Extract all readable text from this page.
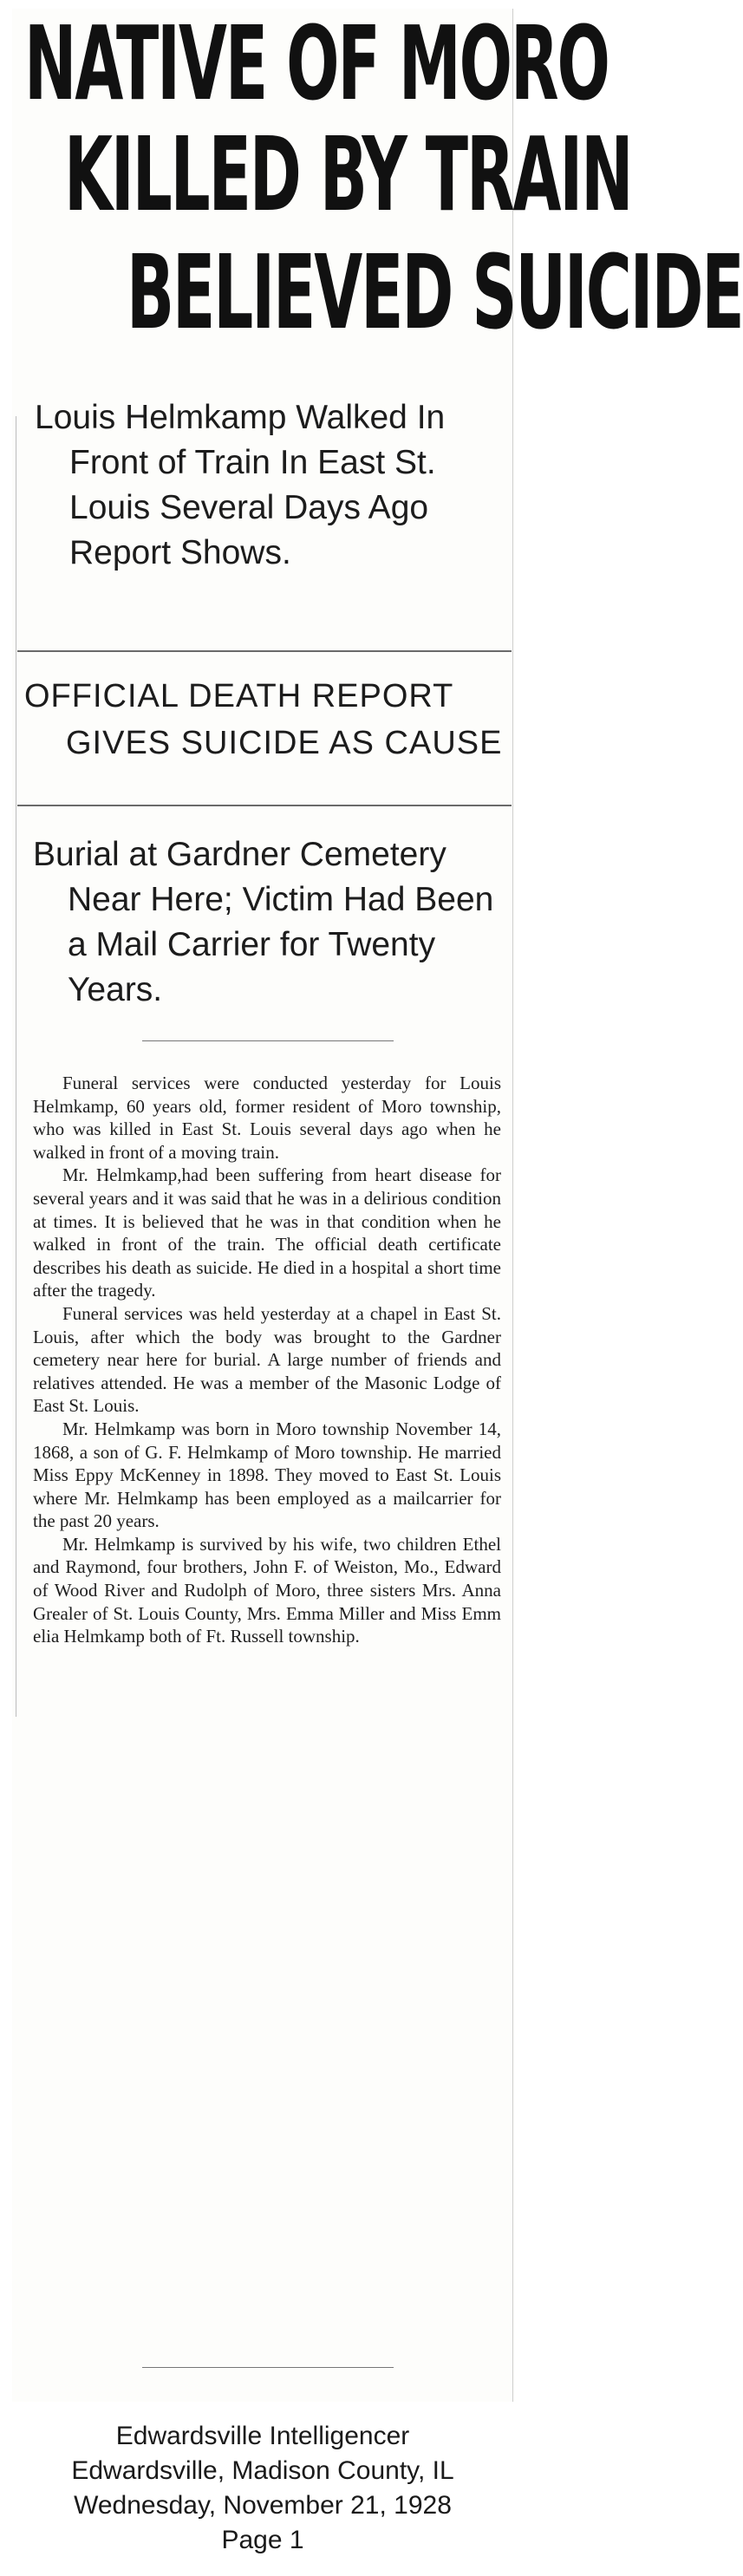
NATIVE OF MORO
KILLED BY TRAIN
BELIEVED SUICIDE
Louis Helmkamp Walked In
Front of Train In East St.
Louis Several Days Ago
Report Shows.
OFFICIAL DEATH REPORT
GIVES SUICIDE AS CAUSE
Burial at Gardner Cemetery
Near Here; Victim Had Been
a Mail Carrier for Twenty
Years.

Funeral services were conducted yesterday for Louis Helmkamp, 60 years old, former resident of Moro township, who was killed in East St. Louis several days ago when he walked in front of a moving train.

Mr. Helmkamp,had been suffering from heart disease for several years and it was said that he was in a delirious condition at times. It is believed that he was in that condition when he walked in front of the train. The official death certificate describes his death as suicide. He died in a hospital a short time after the tragedy.

Funeral services was held yesterday at a chapel in East St. Louis, after which the body was brought to the Gardner cemetery near here for burial. A large number of friends and relatives attended. He was a member of the Masonic Lodge of East St. Louis.

Mr. Helmkamp was born in Moro township November 14, 1868, a son of G. F. Helmkamp of Moro township. He married Miss Eppy McKenney in 1898. They moved to East St. Louis where Mr. Helmkamp has been employed as a mailcarrier for the past 20 years.

Mr. Helmkamp is survived by his wife, two children Ethel and Raymond, four brothers, John F. of Weiston, Mo., Edward of Wood River and Rudolph of Moro, three sisters Mrs. Anna Grealer of St. Louis County, Mrs. Emma Miller and Miss Emm elia Helmkamp both of Ft. Russell township.

Edwardsville Intelligencer
Edwardsville, Madison County, IL
Wednesday, November 21, 1928
Page 1
